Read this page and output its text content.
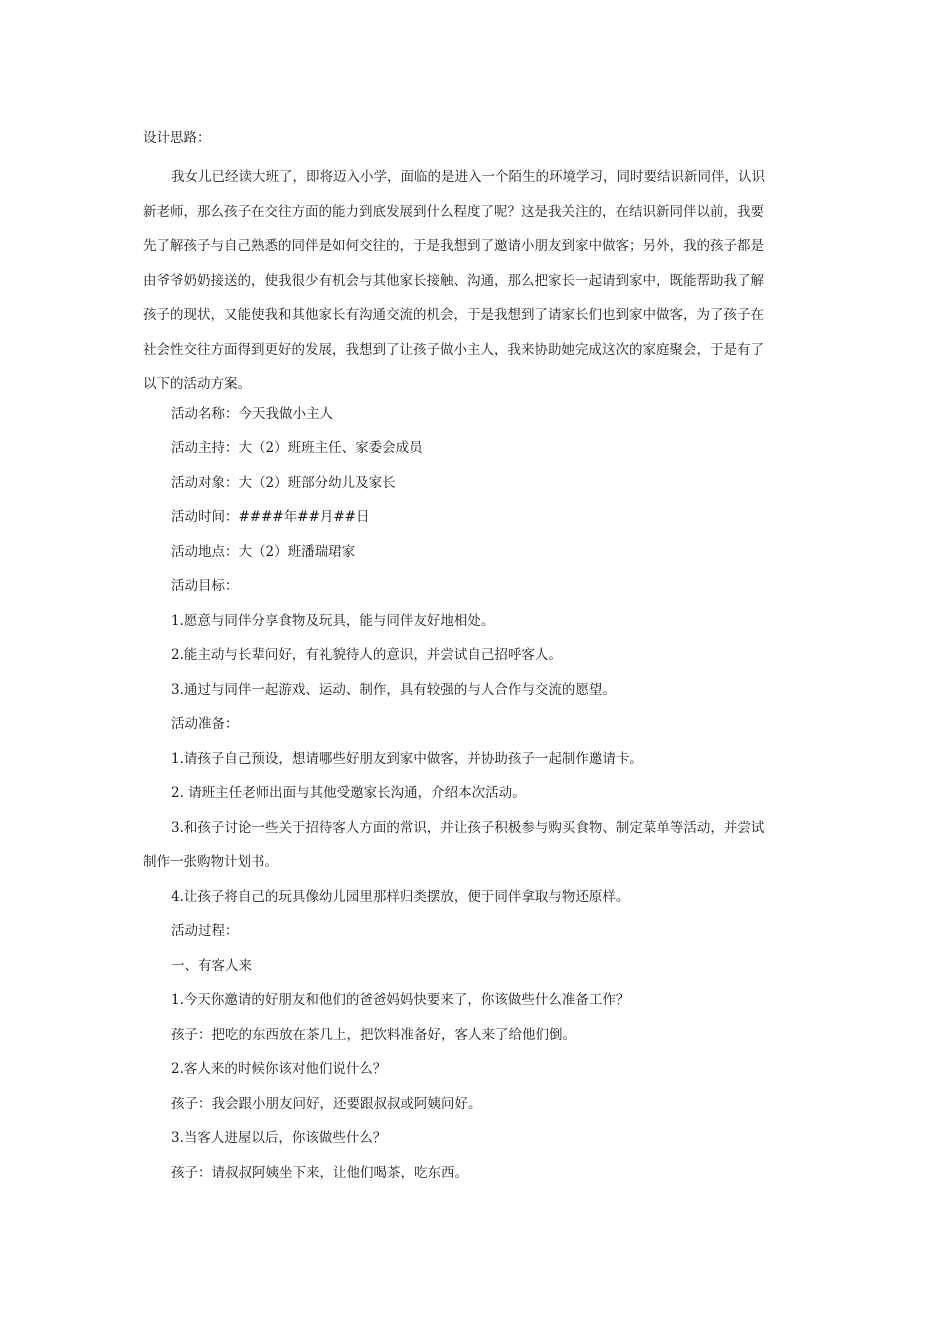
设计思路：
我女儿已经读大班了，即将迈入小学，面临的是进入一个陌生的环境学习，同时要结识新同伴，认识
新老师，那么孩子在交往方面的能力到底发展到什么程度了呢？这是我关注的，在结识新同伴以前，我要
先了解孩子与自己熟悉的同伴是如何交往的，于是我想到了邀请小朋友到家中做客；另外，我的孩子都是
由爷爷奶奶接送的，使我很少有机会与其他家长接触、沟通，那么把家长一起请到家中，既能帮助我了解
孩子的现状，又能使我和其他家长有沟通交流的机会，于是我想到了请家长们也到家中做客，为了孩子在
社会性交往方面得到更好的发展，我想到了让孩子做小主人，我来协助她完成这次的家庭聚会，于是有了
以下的活动方案。
活动名称：今天我做小主人
活动主持：大（2）班班主任、家委会成员
活动对象：大（2）班部分幼儿及家长
活动时间：####年##月##日
活动地点：大（2）班潘瑞珺家
活动目标：
1.愿意与同伴分享食物及玩具，能与同伴友好地相处。
2.能主动与长辈问好，有礼貌待人的意识，并尝试自己招呼客人。
3.通过与同伴一起游戏、运动、制作，具有较强的与人合作与交流的愿望。
活动准备：
1.请孩子自己预设，想请哪些好朋友到家中做客，并协助孩子一起制作邀请卡。
2. 请班主任老师出面与其他受邀家长沟通，介绍本次活动。
3.和孩子讨论一些关于招待客人方面的常识，并让孩子积极参与购买食物、制定菜单等活动，并尝试
制作一张购物计划书。
4.让孩子将自己的玩具像幼儿园里那样归类摆放，便于同伴拿取与物还原样。
活动过程：
一、有客人来
1.今天你邀请的好朋友和他们的爸爸妈妈快要来了，你该做些什么准备工作？
孩子：把吃的东西放在茶几上，把饮料准备好，客人来了给他们倒。
2.客人来的时候你该对他们说什么？
孩子：我会跟小朋友问好，还要跟叔叔或阿姨问好。
3.当客人进屋以后，你该做些什么？
孩子：请叔叔阿姨坐下来，让他们喝茶，吃东西。
